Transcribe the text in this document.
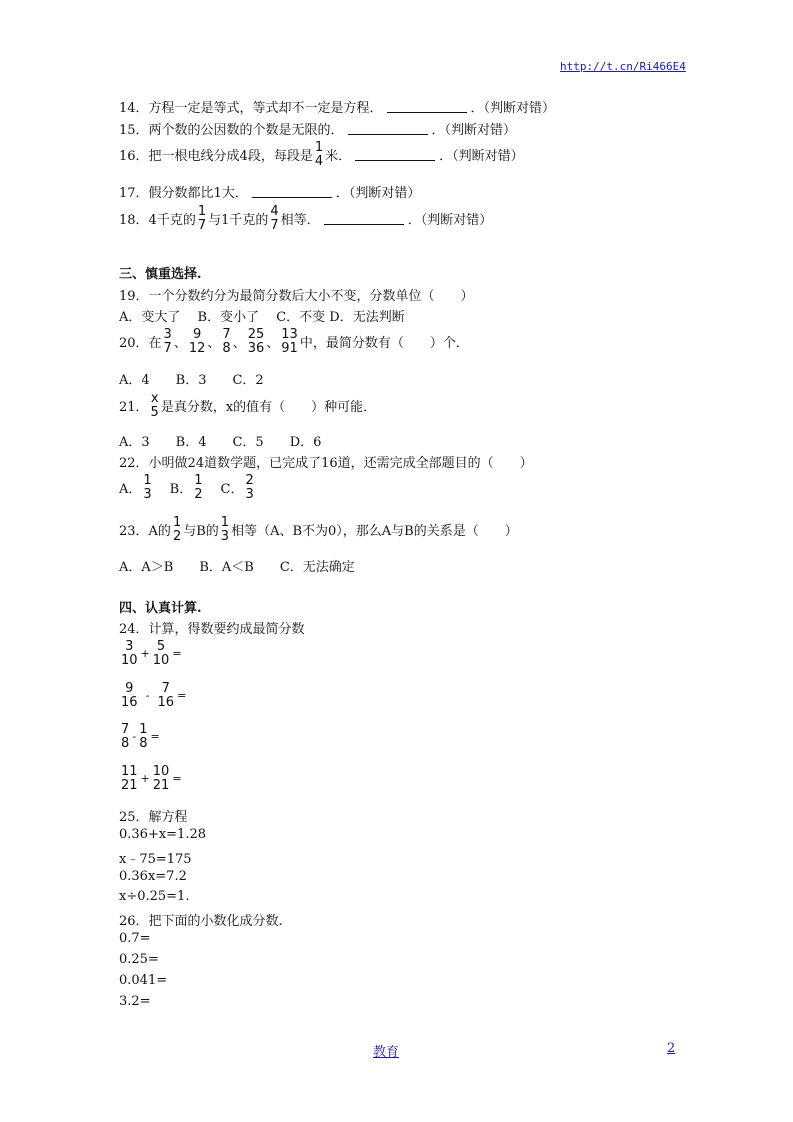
http://t.cn/Ri466E4
14．方程一定是等式，等式却不一定是方程．	．（判断对错）
15．两个数的公因数的个数是无限的．	．（判断对错）
16．把一根电线分成4段，每段是
1
4 米．	．（判断对错）
17．假分数都比1大．	．（判断对错）
18．4千克的
1
7 与1千克的
4
7 相等．	．（判断对错）
三、慎重选择.
19．一个分数约分为最简分数后大小不变，分数单位（　　）
A．变大了　 B．变小了　 C．不变 D．无法判断
20．在
3
7 、
9
12 、
7
8 、
25
36 、
13
91 中，最简分数有（　　）个．
A．4　　B．3　　C．2
21．
x
5 是真分数，x的值有（　　）种可能．
A．3　　B．4　　C．5　　D．6
22．小明做24道数学题，已完成了16道，还需完成全部题目的（　　）
A．
1
3 B．
1
2 C．
2
3
23．A的
1
2 与B的
1
3 相等（A、B不为0），那么A与B的关系是（　　）
A．A＞B　　B．A＜B　　C．无法确定
四、认真计算.
24．计算，得数要约成最简分数
3
10 + 5
10 =
9
16 - 7
16 =
7
8 - 1
8 =
11
21 + 10
21 =
25．解方程
0.36+x=1.28
x﹣75=175
0.36x=7.2
x÷0.25=1.
26．把下面的小数化成分数.
0.7=
0.25=
0.041=
3.2=
教育	2
